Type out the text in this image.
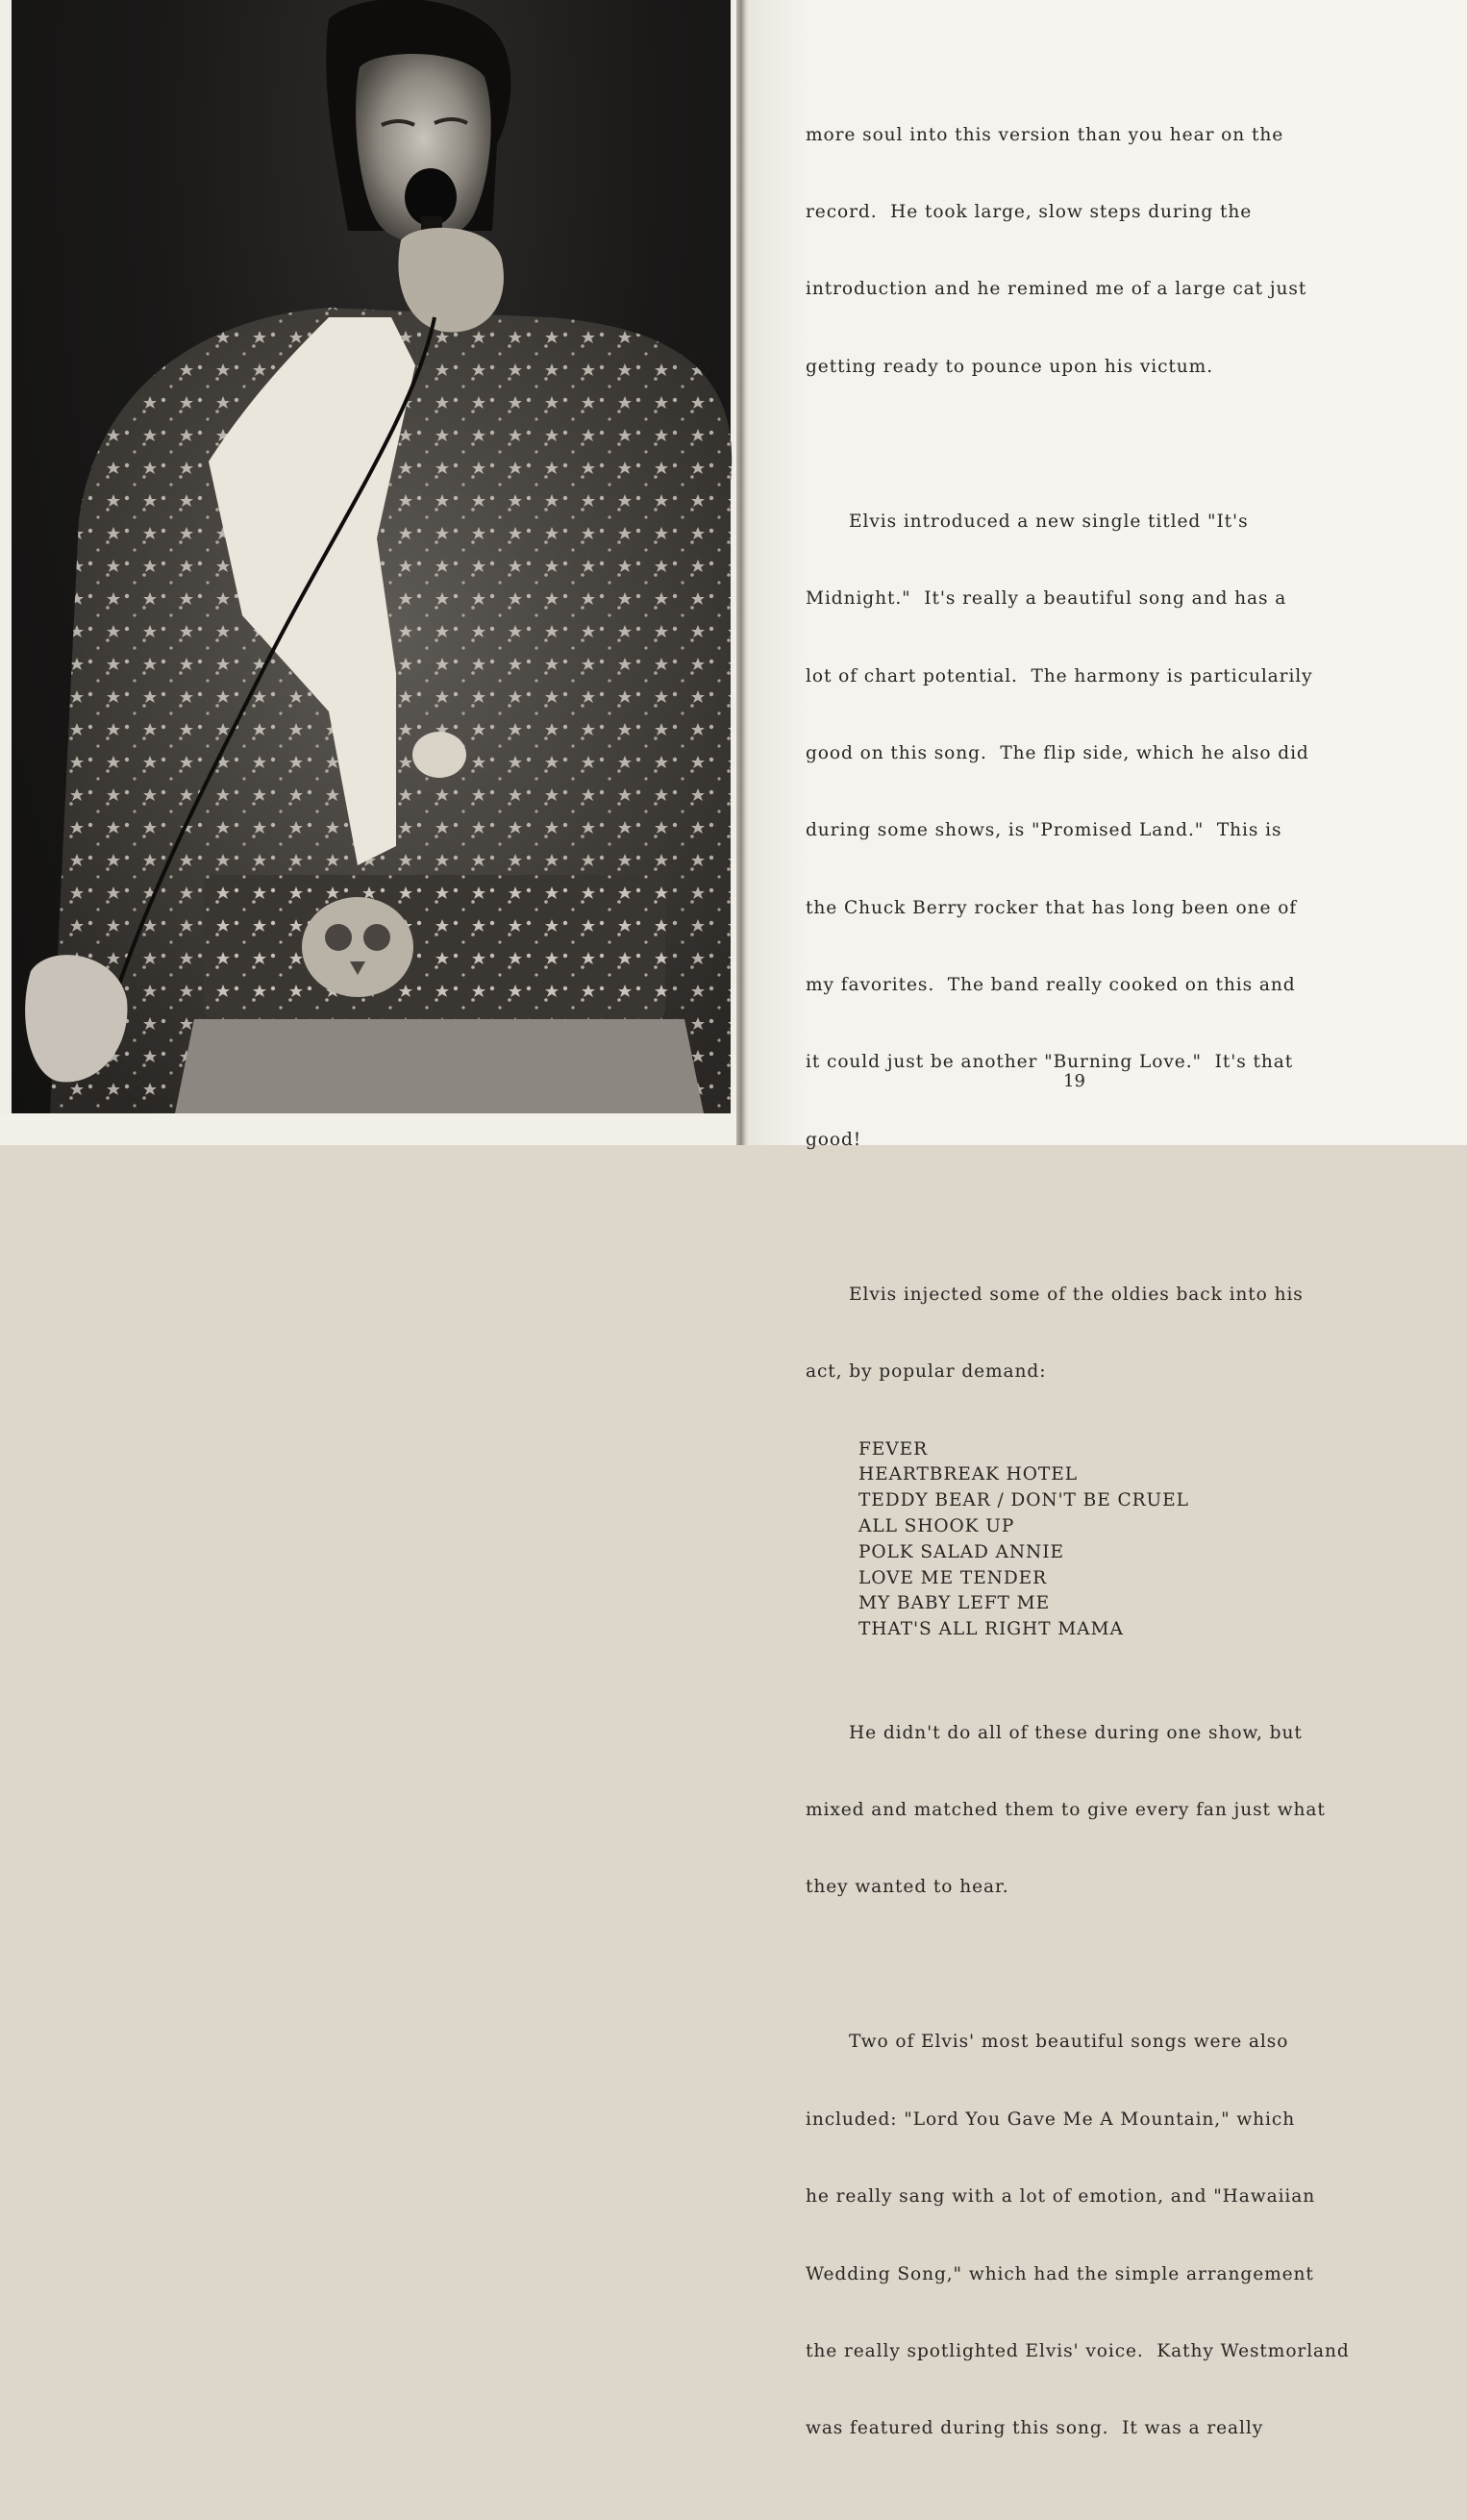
more soul into this version than you hear on the

record.  He took large, slow steps during the

introduction and he remined me of a large cat just

getting ready to pounce upon his victum.

Elvis introduced a new single titled "It's

Midnight."  It's really a beautiful song and has a

lot of chart potential.  The harmony is particularily

good on this song.  The flip side, which he also did

during some shows, is "Promised Land."  This is

the Chuck Berry rocker that has long been one of

my favorites.  The band really cooked on this and

it could just be another "Burning Love."  It's that

good!

Elvis injected some of the oldies back into his

act, by popular demand:

FEVER
HEARTBREAK HOTEL
TEDDY BEAR / DON'T BE CRUEL
ALL SHOOK UP
POLK SALAD ANNIE
LOVE ME TENDER
MY BABY LEFT ME
THAT'S ALL RIGHT MAMA

He didn't do all of these during one show, but

mixed and matched them to give every fan just what

they wanted to hear.

Two of Elvis' most beautiful songs were also

included: "Lord You Gave Me A Mountain," which

he really sang with a lot of emotion, and "Hawaiian

Wedding Song," which had the simple arrangement

the really spotlighted Elvis' voice.  Kathy Westmorland

was featured during this song.  It was a really

19
